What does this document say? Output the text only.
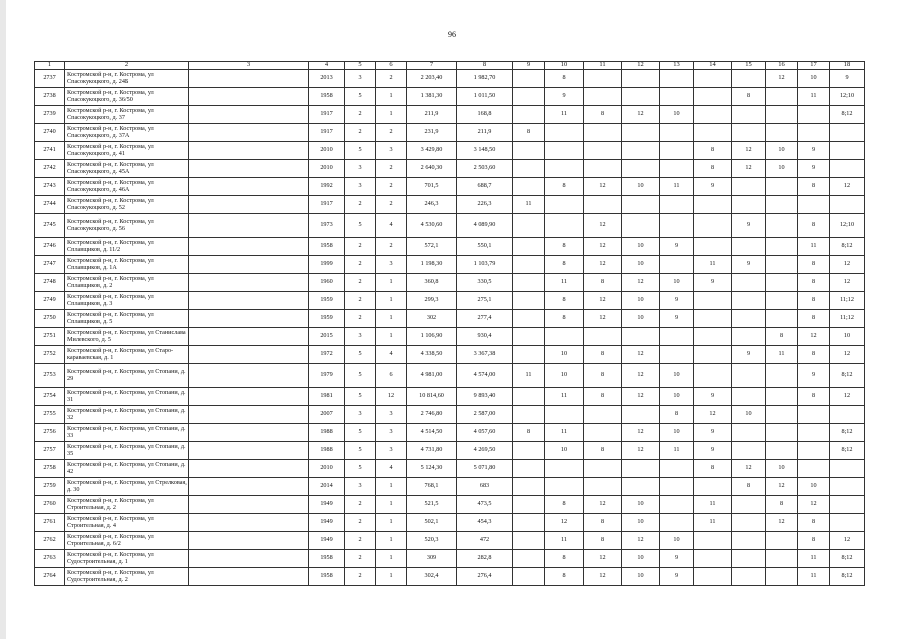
96
1	2	3	4	5	6	7	8	9	10	11	12	13	14	15	16	17	18
2737	Костромской р-н, г. Кострома, ул Спасокукоцкого, д. 24Б		2013	3	2	2 203,40	1 982,70		8						12	10	9
2738	Костромской р-н, г. Кострома, ул Спасокукоцкого, д. 36/50		1958	5	1	1 381,30	1 011,50		9					8		11	12;10
2739	Костромской р-н, г. Кострома, ул Спасокукоцкого, д. 37		1917	2	1	211,9	168,8		11	8	12	10					8;12
2740	Костромской р-н, г. Кострома, ул Спасокукоцкого, д. 37А		1917	2	2	231,9	211,9	8									
2741	Костромской р-н, г. Кострома, ул Спасокукоцкого, д. 41		2010	5	3	3 429,80	3 148,50						8	12	10	9	
2742	Костромской р-н, г. Кострома, ул Спасокукоцкого, д. 45А		2010	3	2	2 640,30	2 503,60						8	12	10	9	
2743	Костромской р-н, г. Кострома, ул Спасокукоцкого, д. 46А		1992	3	2	701,5	688,7		8	12	10	11	9			8	12
2744	Костромской р-н, г. Кострома, ул Спасокукоцкого, д. 52		1917	2	2	246,3	226,3	11									
2745	Костромской р-н, г. Кострома, ул Спасокукоцкого, д. 56		1973	5	4	4 530,60	4 089,90			12				9		8	12;10
2746	Костромской р-н, г. Кострома, ул Сплавщиков, д. 11/2		1958	2	2	572,1	550,1		8	12	10	9				11	8;12
2747	Костромской р-н, г. Кострома, ул Сплавщиков, д. 1А		1999	2	3	1 198,30	1 103,79		8	12	10		11	9		8	12
2748	Костромской р-н, г. Кострома, ул Сплавщиков, д. 2		1960	2	1	360,8	330,5		11	8	12	10	9			8	12
2749	Костромской р-н, г. Кострома, ул Сплавщиков, д. 3		1959	2	1	299,3	275,1		8	12	10	9				8	11;12
2750	Костромской р-н, г. Кострома, ул Сплавщиков, д. 5		1959	2	1	302	277,4		8	12	10	9				8	11;12
2751	Костромской р-н, г. Кострома, ул Станислава Милевского, д. 5		2015	3	1	1 106,90	930,4								8	12	10
2752	Костромской р-н, г. Кострома, ул Старо-караваевская, д. 1		1972	5	4	4 338,50	3 367,38		10	8	12			9	11	8	12
2753	Костромской р-н, г. Кострома, ул Стопани, д. 29		1979	5	6	4 981,00	4 574,00	11	10	8	12	10				9	8;12
2754	Костромской р-н, г. Кострома, ул Стопани, д. 31		1981	5	12	10 814,60	9 893,40		11	8	12	10	9			8	12
2755	Костромской р-н, г. Кострома, ул Стопани, д. 32		2007	3	3	2 746,80	2 587,00					8	12	10			
2756	Костромской р-н, г. Кострома, ул Стопани, д. 33		1988	5	3	4 514,50	4 057,60	8	11		12	10	9				8;12
2757	Костромской р-н, г. Кострома, ул Стопани, д. 35		1988	5	3	4 731,80	4 269,50		10	8	12	11	9				8;12
2758	Костромской р-н, г. Кострома, ул Стопани, д. 42		2010	5	4	5 124,30	5 071,80						8	12	10		
2759	Костромской р-н, г. Кострома, ул Стрелковая, д. 30		2014	3	1	768,1	683							8	12	10	
2760	Костромской р-н, г. Кострома, ул Строительная, д. 2		1949	2	1	521,5	473,5		8	12	10		11		8	12	
2761	Костромской р-н, г. Кострома, ул Строительная, д. 4		1949	2	1	502,1	454,3		12	8	10		11		12	8	
2762	Костромской р-н, г. Кострома, ул Строительная, д. 6/2		1949	2	1	520,3	472		11	8	12	10				8	12
2763	Костромской р-н, г. Кострома, ул Судостроительная, д. 1		1958	2	1	309	282,8		8	12	10	9				11	8;12
2764	Костромской р-н, г. Кострома, ул Судостроительная, д. 2		1958	2	1	302,4	276,4		8	12	10	9				11	8;12
